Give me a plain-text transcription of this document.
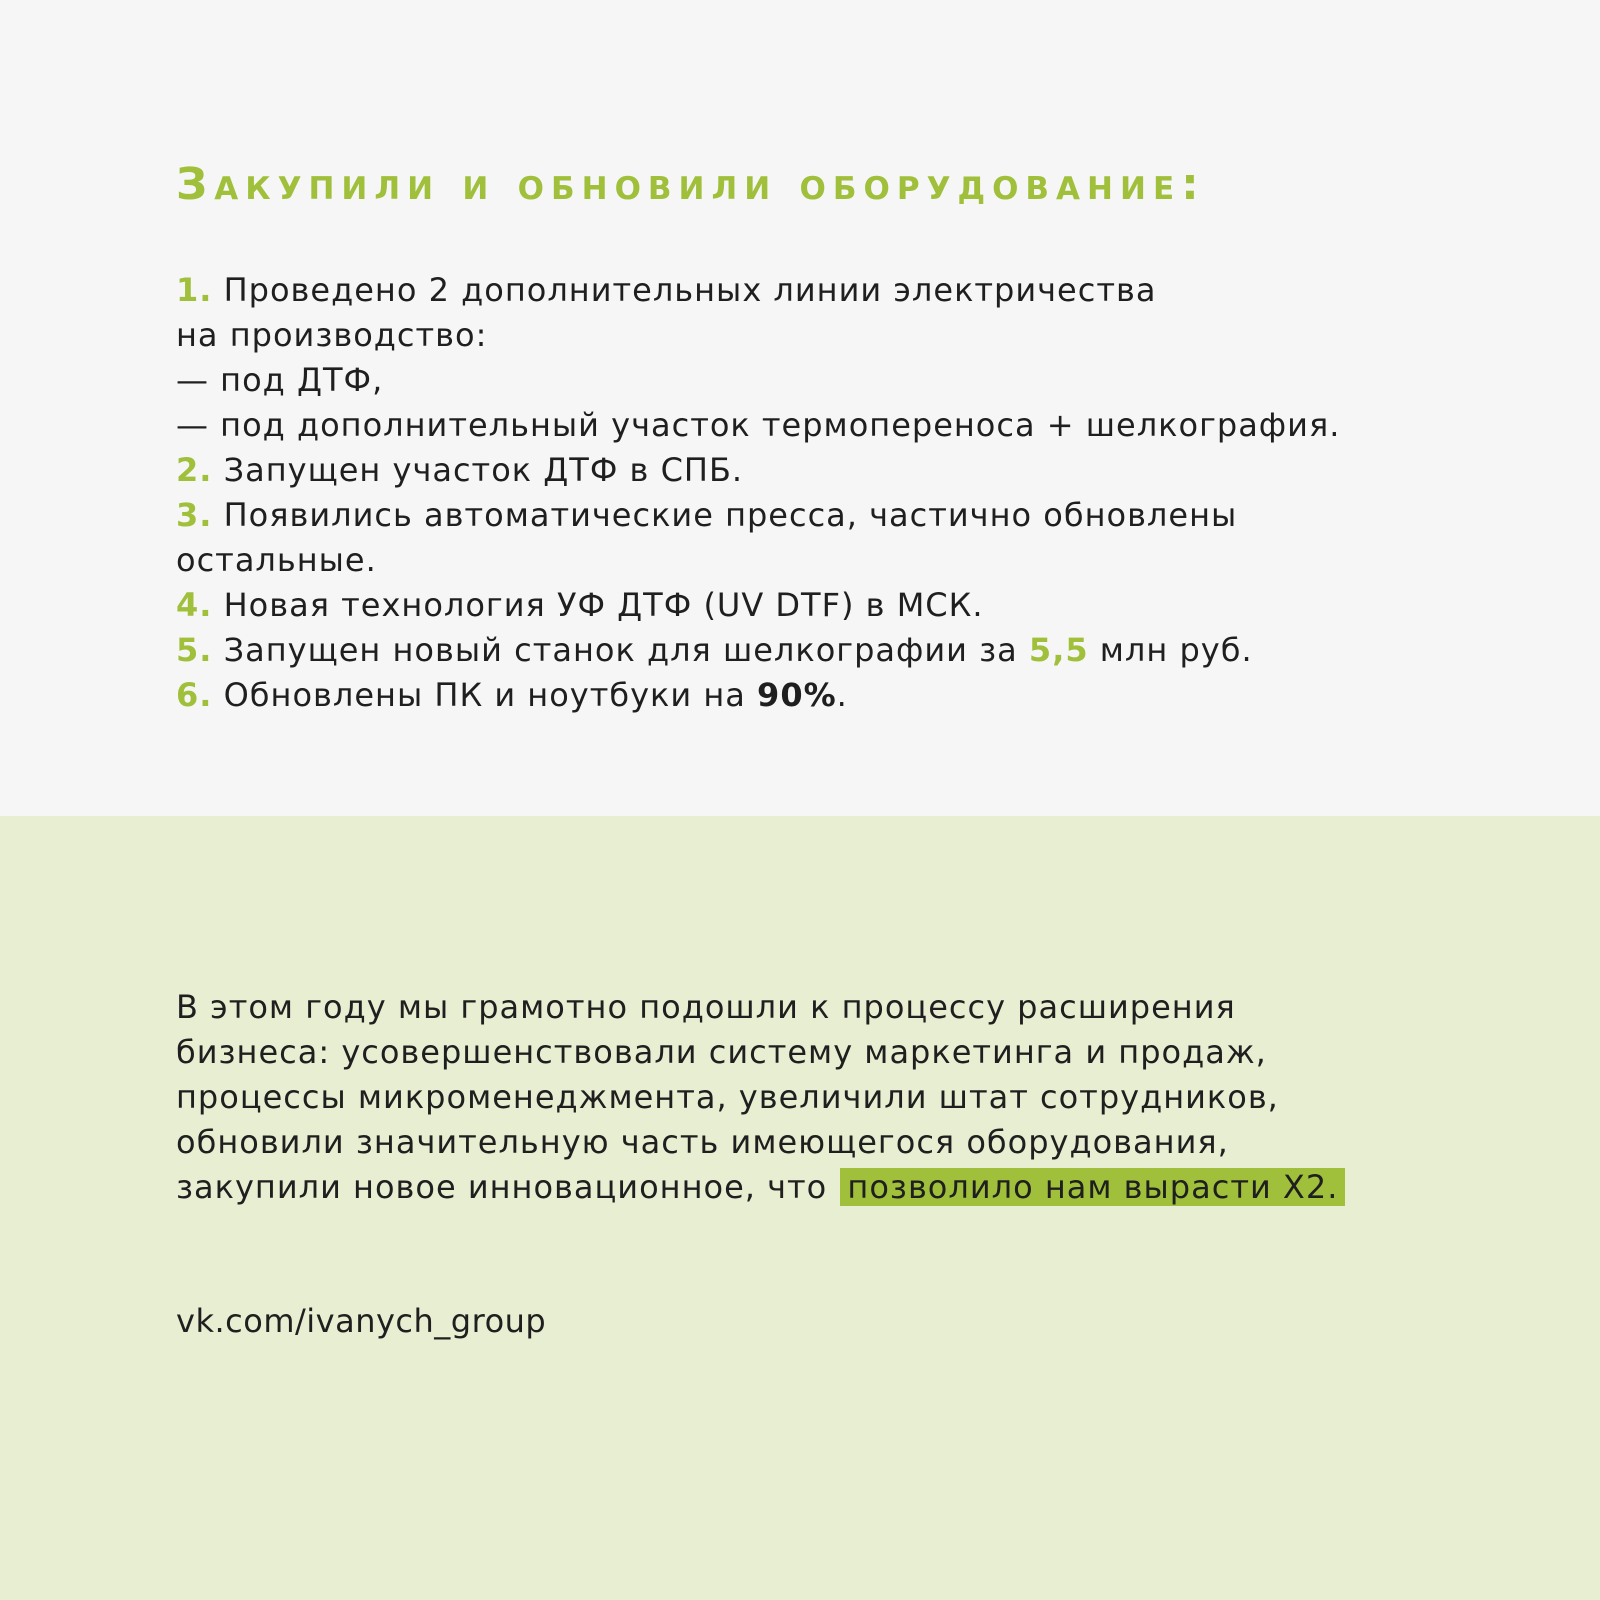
Закупили и обновили оборудование:
1. Проведено 2 дополнительных линии электричества
на производство:
— под ДТФ,
— под дополнительный участок термопереноса + шелкография.
2. Запущен участок ДТФ в СПБ.
3. Появились автоматические пресса, частично обновлены
остальные.
4. Новая технология УФ ДТФ (UV DTF) в МСК.
5. Запущен новый станок для шелкографии за 5,5 млн руб.
6. Обновлены ПК и ноутбуки на 90%.
В этом году мы грамотно подошли к процессу расширения
бизнеса: усовершенствовали систему маркетинга и продаж,
процессы микроменеджмента, увеличили штат сотрудников,
обновили значительную часть имеющегося оборудования,
закупили новое инновационное, что позволило нам вырасти Х2.
vk.com/ivanych_group
